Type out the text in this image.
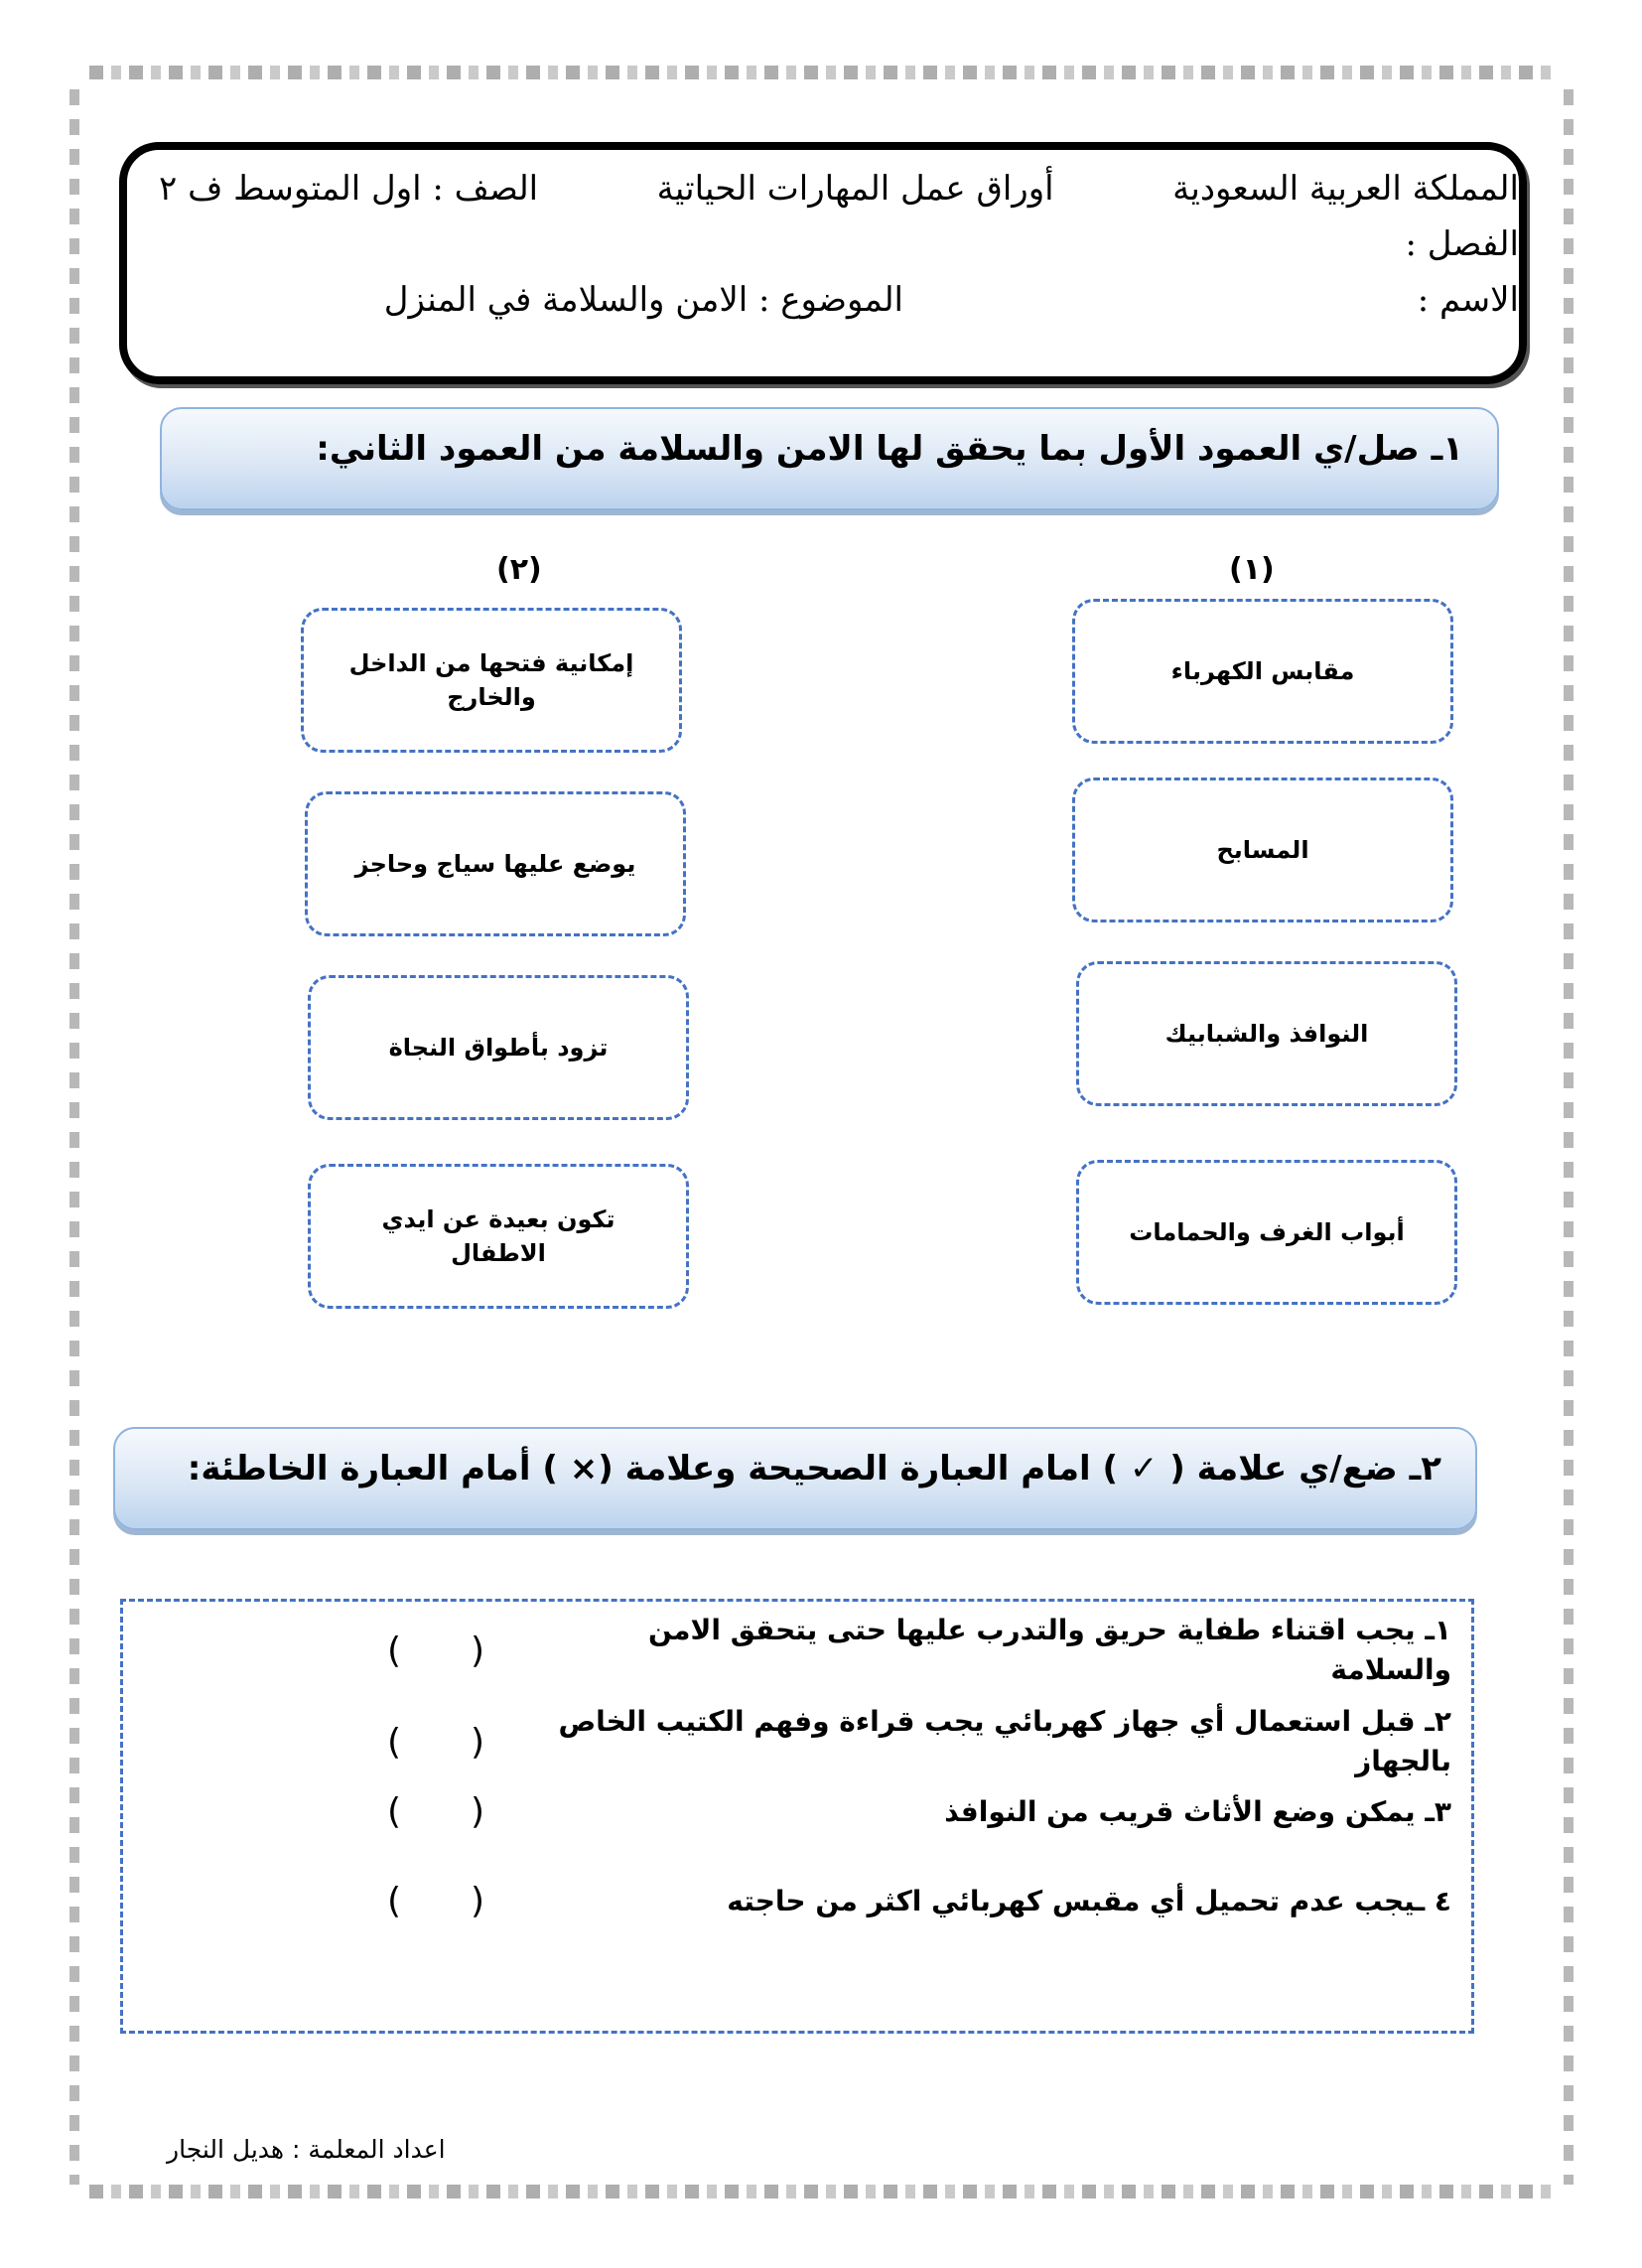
المملكة العربية السعودية
أوراق عمل المهارات الحياتية
الصف : اول المتوسط ف ٢
الفصل :
الاسم :
الموضوع : الامن والسلامة في المنزل
١ـ صل/ي العمود الأول بما يحقق لها الامن والسلامة من العمود الثاني:
(٢)	(١)
مقابس الكهرباء
المسابح
النوافذ والشبابيك
أبواب الغرف والحمامات
إمكانية فتحها من الداخل والخارج
يوضع عليها سياج وحاجز
تزود بأطواق النجاة
تكون بعيدة عن ايدي الاطفال
٢ـ ضع/ي علامة ( ✓ ) امام العبارة الصحيحة وعلامة (× ) أمام العبارة الخاطئة:
١ـ يجب اقتناء طفاية حريق والتدرب عليها حتى يتحقق الامن والسلامة
( )
٢ـ قبل استعمال أي جهاز كهربائي يجب قراءة وفهم الكتيب الخاص بالجهاز
( )
٣ـ يمكن وضع الأثاث قريب من النوافذ
( )
٤ ـيجب عدم تحميل أي مقبس كهربائي اكثر من حاجته
( )
اعداد المعلمة : هديل النجار
